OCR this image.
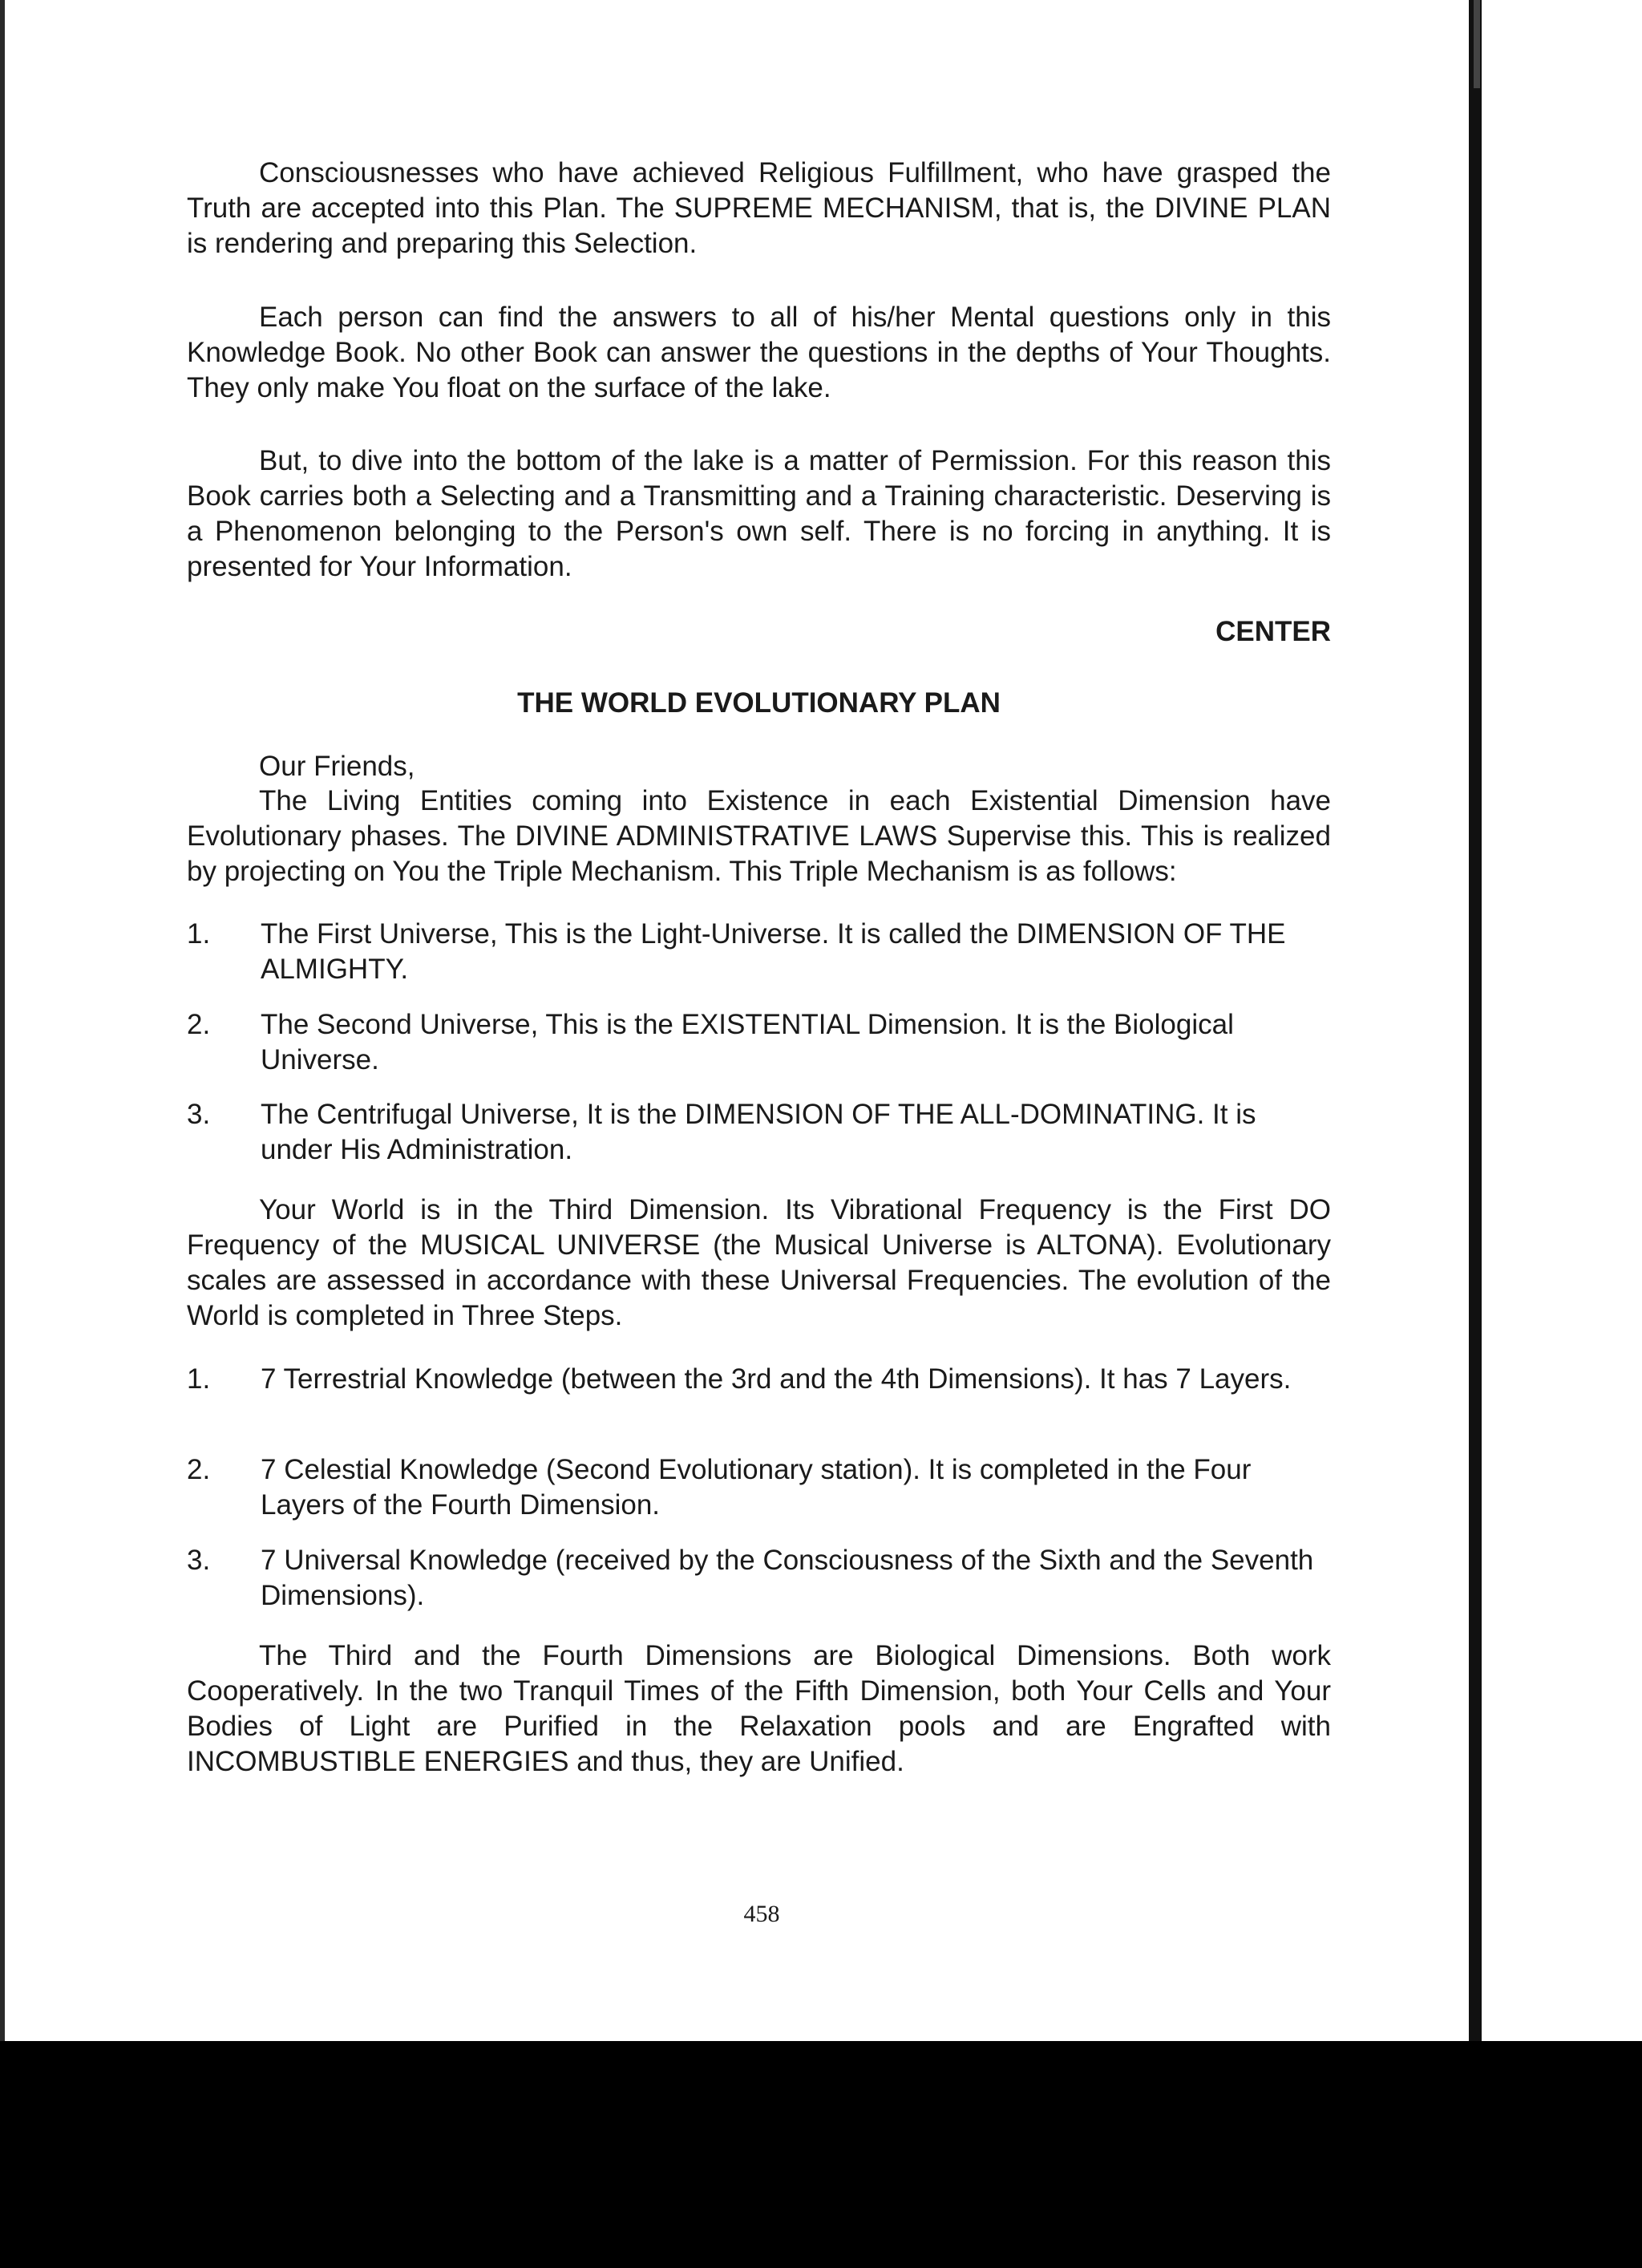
Consciousnesses who have achieved Religious Fulfillment, who have grasped the Truth are accepted into this Plan. The SUPREME MECHANISM, that is, the DIVINE PLAN is rendering and preparing this Selection.

Each person can find the answers to all of his/her Mental questions only in this Knowledge Book. No other Book can answer the questions in the depths of Your Thoughts. They only make You float on the surface of the lake.

But, to dive into the bottom of the lake is a matter of Permission. For this reason this Book carries both a Selecting and a Transmitting and a Training characteristic. Deserving is a Phenomenon belonging to the Person's own self. There is no forcing in anything. It is presented for Your Information.

CENTER
THE WORLD EVOLUTIONARY PLAN

Our Friends,

The Living Entities coming into Existence in each Existential Dimension have Evolutionary phases. The DIVINE ADMINISTRATIVE LAWS Supervise this. This is realized by projecting on You the Triple Mechanism. This Triple Mechanism is as follows:

1.	The First Universe, This is the Light-Universe. It is called the DIMENSION OF THE ALMIGHTY.
2.	The Second Universe, This is the EXISTENTIAL Dimension. It is the Biological Universe.
3.	The Centrifugal Universe, It is the DIMENSION OF THE ALL-DOMINATING. It is under His Administration.

Your World is in the Third Dimension. Its Vibrational Frequency is the First DO Frequency of the MUSICAL UNIVERSE (the Musical Universe is ALTONA). Evolutionary scales are assessed in accordance with these Universal Frequencies. The evolution of the World is completed in Three Steps.

1.	7 Terrestrial Knowledge (between the 3rd and the 4th Dimensions). It has 7 Layers.
2.	7 Celestial Knowledge (Second Evolutionary station). It is completed in the Four Layers of the Fourth Dimension.
3.	7 Universal Knowledge (received by the Consciousness of the Sixth and the Seventh Dimensions).

The Third and the Fourth Dimensions are Biological Dimensions. Both work Cooperatively. In the two Tranquil Times of the Fifth Dimension, both Your Cells and Your Bodies of Light are Purified in the Relaxation pools and are Engrafted with INCOMBUSTIBLE ENERGIES and thus, they are Unified.

458
